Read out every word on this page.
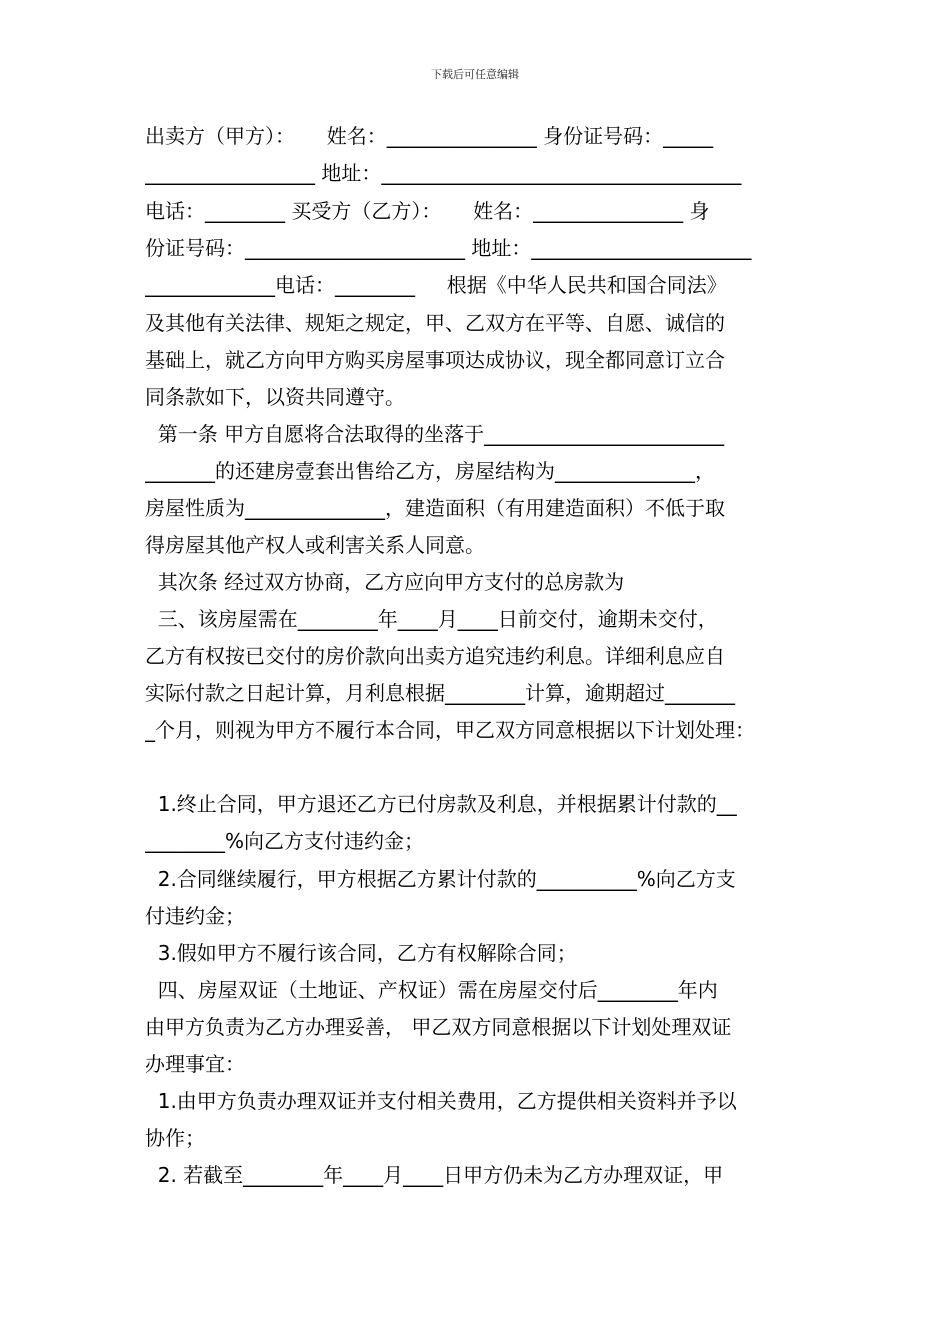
下载后可任意编辑
出卖方（甲方）：     姓名：_______________ 身份证号码：_____
_________________ 地址：____________________________________
电话：________ 买受方（乙方）：     姓名：_______________ 身
份证号码：______________________ 地址：______________________
_____________电话：________     根据《中华人民共和国合同法》
及其他有关法律、规矩之规定，甲、乙双方在平等、自愿、诚信的
基础上，就乙方向甲方购买房屋事项达成协议，现全都同意订立合
同条款如下，以资共同遵守。
第一条 甲方自愿将合法取得的坐落于________________________
_______的还建房壹套出售给乙方，房屋结构为______________，
房屋性质为______________，建造面积（有用建造面积）不低于取
得房屋其他产权人或利害关系人同意。
其次条 经过双方协商，乙方应向甲方支付的总房款为
三、该房屋需在________年____月____日前交付，逾期未交付，
乙方有权按已交付的房价款向出卖方追究违约利息。详细利息应自
实际付款之日起计算，月利息根据________计算，逾期超过_______
_个月，则视为甲方不履行本合同，甲乙双方同意根据以下计划处理：
1.终止合同，甲方退还乙方已付房款及利息，并根据累计付款的__
________%向乙方支付违约金；
2.合同继续履行，甲方根据乙方累计付款的__________%向乙方支
付违约金；
3.假如甲方不履行该合同，乙方有权解除合同；
四、房屋双证（土地证、产权证）需在房屋交付后________年内
由甲方负责为乙方办理妥善， 甲乙双方同意根据以下计划处理双证
办理事宜：
1.由甲方负责办理双证并支付相关费用，乙方提供相关资料并予以
协作；
2. 若截至________年____月____日甲方仍未为乙方办理双证，甲
